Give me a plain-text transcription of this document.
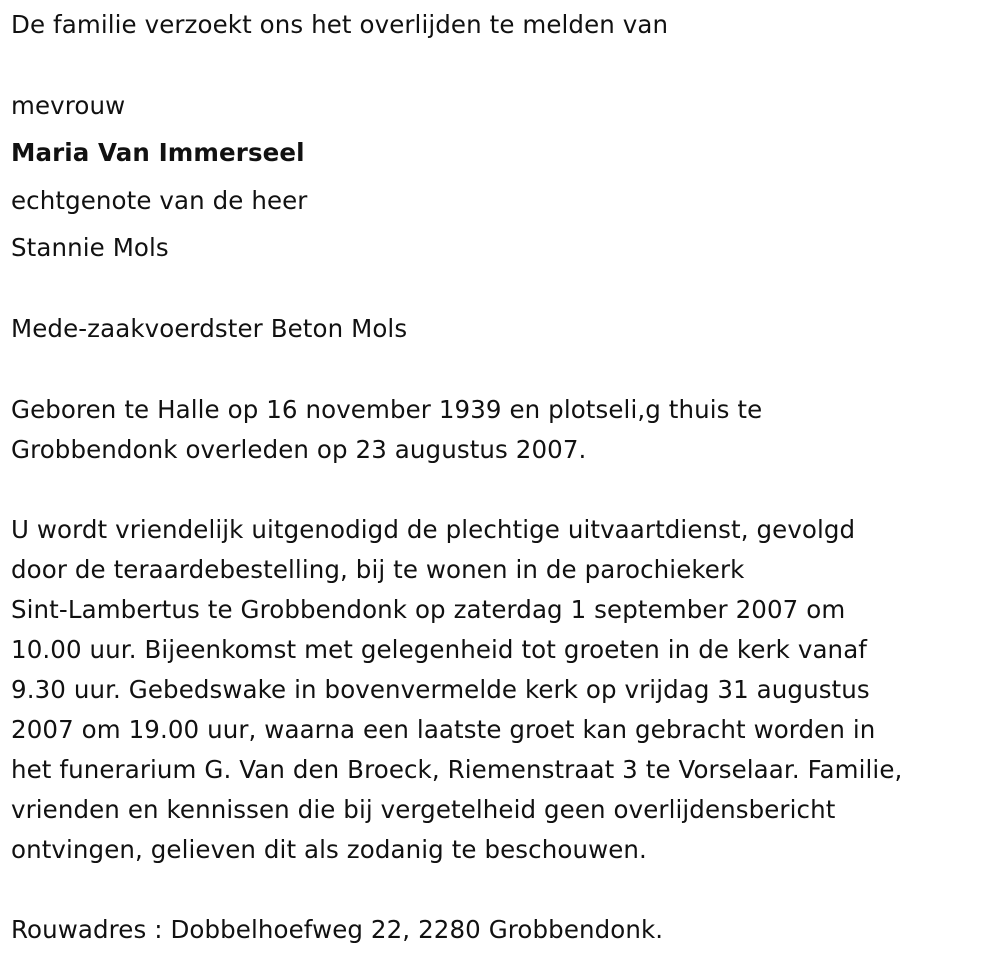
De familie verzoekt ons het overlijden te melden van
mevrouw
Maria Van Immerseel
echtgenote van de heer
Stannie Mols
Mede-zaakvoerdster Beton Mols
Geboren te Halle op 16 november 1939 en plotseli,g thuis te
Grobbendonk overleden op 23 augustus 2007.
U wordt vriendelijk uitgenodigd de plechtige uitvaartdienst, gevolgd
door de teraardebestelling, bij te wonen in de parochiekerk
Sint-Lambertus te Grobbendonk op zaterdag 1 september 2007 om
10.00 uur. Bijeenkomst met gelegenheid tot groeten in de kerk vanaf
9.30 uur. Gebedswake in bovenvermelde kerk op vrijdag 31 augustus
2007 om 19.00 uur, waarna een laatste groet kan gebracht worden in
het funerarium G. Van den Broeck, Riemenstraat 3 te Vorselaar. Familie,
vrienden en kennissen die bij vergetelheid geen overlijdensbericht
ontvingen, gelieven dit als zodanig te beschouwen.
Rouwadres : Dobbelhoefweg 22, 2280 Grobbendonk.
